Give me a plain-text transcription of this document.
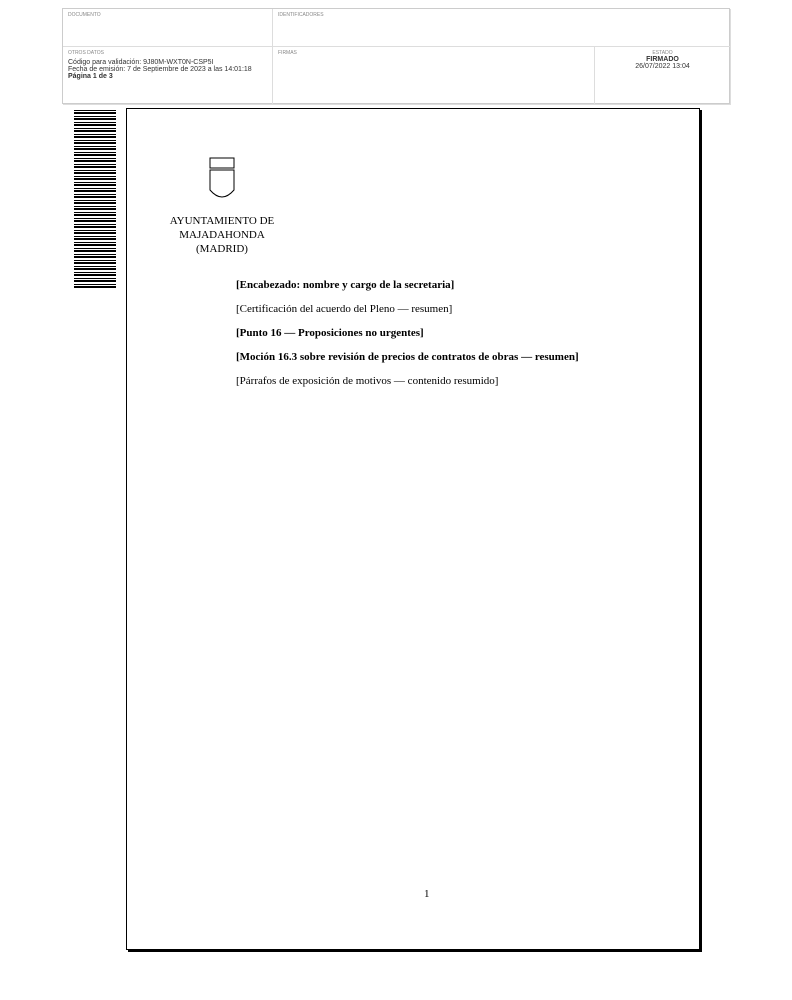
DOCUMENTO	IDENTIFICADORES
OTROS DATOS
Código para validación: 9J80M-WXT0N-CSP5I
Fecha de emisión: 7 de Septiembre de 2023 a las 14:01:18
Página 1 de 3
FIRMAS	ESTADO
FIRMADO
26/07/2022 13:04
AYUNTAMIENTO DE
MAJADAHONDA
(MADRID)

[Encabezado: nombre y cargo de la secretaria]

[Certificación del acuerdo del Pleno — resumen]

[Punto 16 — Proposiciones no urgentes]

[Moción 16.3 sobre revisión de precios de contratos de obras — resumen]

[Párrafos de exposición de motivos — contenido resumido]

1
